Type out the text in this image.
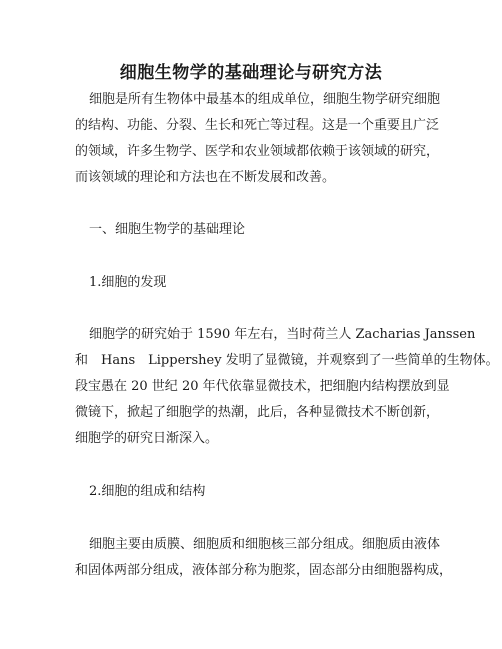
细胞生物学的基础理论与研究方法
细胞是所有生物体中最基本的组成单位，细胞生物学研究细胞
的结构、功能、分裂、生长和死亡等过程。这是一个重要且广泛
的领域，许多生物学、医学和农业领域都依赖于该领域的研究，
而该领域的理论和方法也在不断发展和改善。
一、细胞生物学的基础理论
1.细胞的发现
细胞学的研究始于 1590 年左右，当时荷兰人 Zacharias Janssen
和　Hans　Lippershey 发明了显微镜，并观察到了一些简单的生物体。
段宝愚在 20 世纪 20 年代依靠显微技术，把细胞内结构摆放到显
微镜下，掀起了细胞学的热潮，此后，各种显微技术不断创新，
细胞学的研究日渐深入。
2.细胞的组成和结构
细胞主要由质膜、细胞质和细胞核三部分组成。细胞质由液体
和固体两部分组成，液体部分称为胞浆，固态部分由细胞器构成，
